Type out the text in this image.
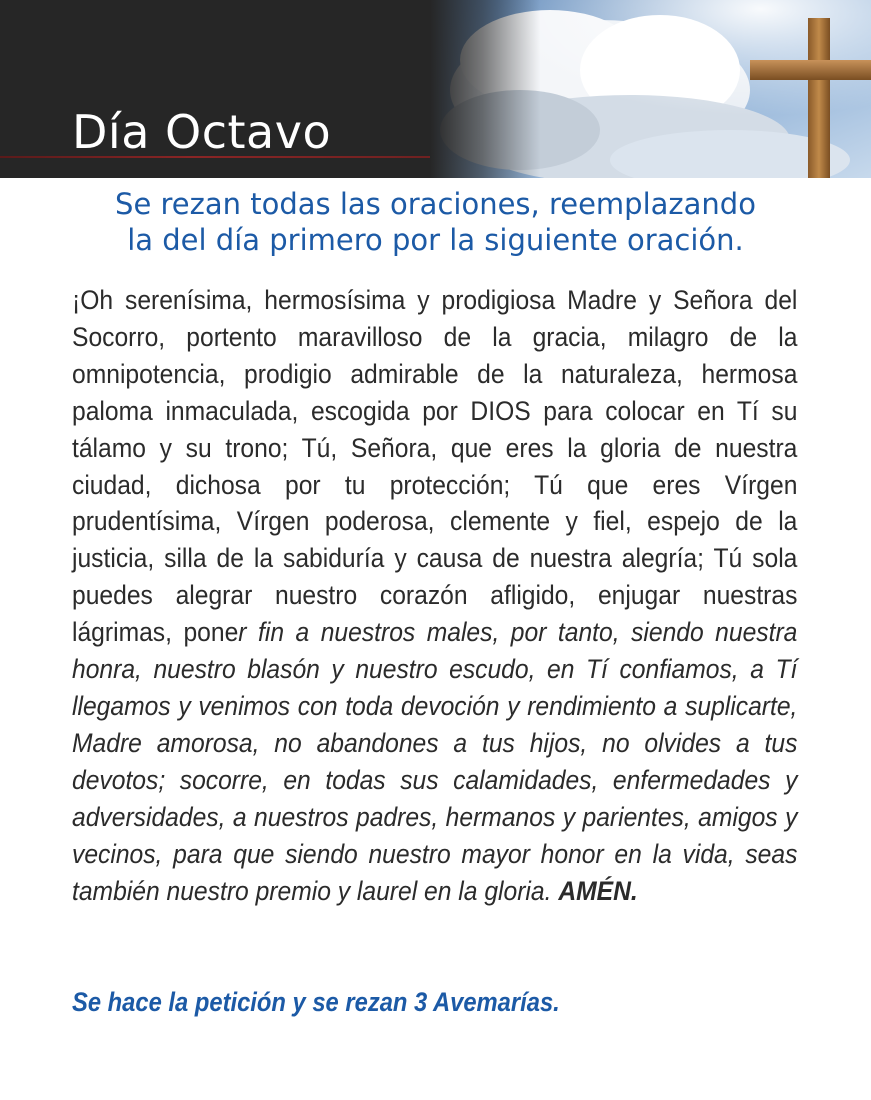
Día Octavo
Se rezan todas las oraciones, reemplazando
la del día primero por la siguiente oración.
¡Oh serenísima, hermosísima y prodigiosa Madre y Señora del Socorro, portento maravilloso de la gracia, milagro de la omnipotencia, prodigio admirable de la naturaleza, hermosa paloma inmaculada, escogida por DIOS para colocar en Tí su tálamo y su trono; Tú, Señora, que eres la gloria de nuestra ciudad, dichosa por tu protección; Tú que eres Vírgen prudentísima, Vírgen poderosa, clemente y fiel, espejo de la justicia, silla de la sabiduría y causa de nuestra alegría; Tú sola puedes alegrar nuestro corazón afligido, enjugar nuestras lágrimas, poner fin a nuestros males, por tanto, siendo nuestra honra, nuestro blasón y nuestro escudo, en Tí confiamos, a Tí llegamos y venimos con toda devoción y rendimiento a suplicarte, Madre amorosa, no abandones a tus hijos, no olvides a tus devotos; socorre, en todas sus calamidades, enfermedades y adversidades, a nuestros padres, hermanos y parientes, amigos y vecinos, para que siendo nuestro mayor honor en la vida, seas también nuestro premio y laurel en la gloria. AMÉN.
Se hace la petición y se rezan 3 Avemarías.
